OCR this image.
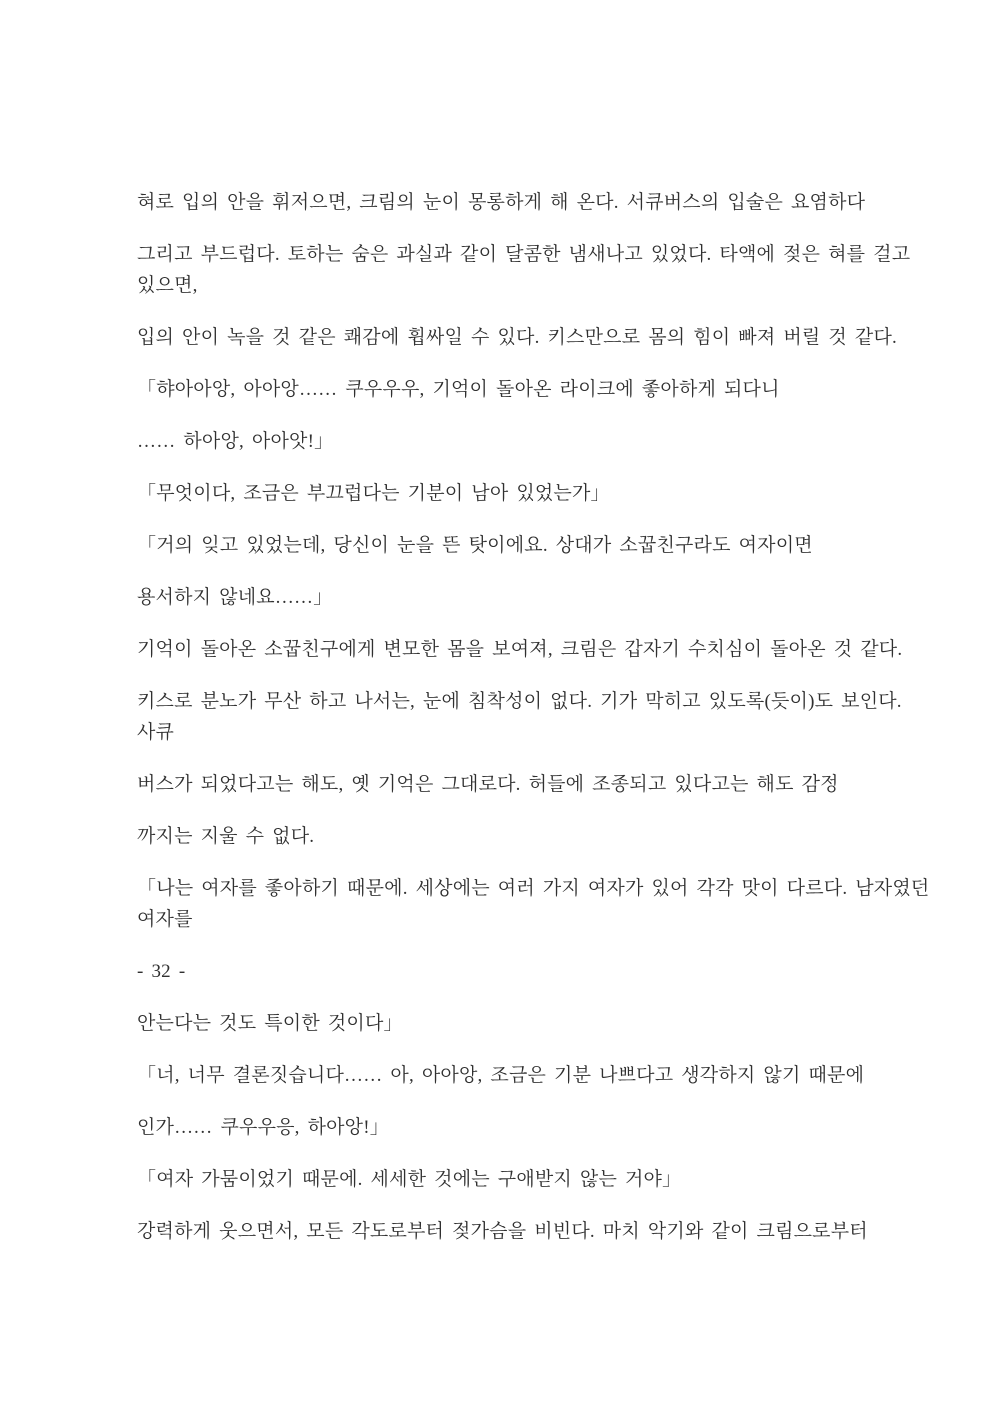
혀로 입의 안을 휘저으면, 크림의 눈이 몽롱하게 해 온다. 서큐버스의 입술은 요염하다

그리고 부드럽다. 토하는 숨은 과실과 같이 달콤한 냄새나고 있었다. 타액에 젖은 혀를 걸고
있으면,

입의 안이 녹을 것 같은 쾌감에 휩싸일 수 있다. 키스만으로 몸의 힘이 빠져 버릴 것 같다.

「햐아아앙, 아아앙…… 쿠우우우, 기억이 돌아온 라이크에 좋아하게 되다니

…… 하아앙, 아아앗!」

「무엇이다, 조금은 부끄럽다는 기분이 남아 있었는가」

「거의 잊고 있었는데, 당신이 눈을 뜬 탓이에요. 상대가 소꿉친구라도 여자이면

용서하지 않네요……」

기억이 돌아온 소꿉친구에게 변모한 몸을 보여져, 크림은 갑자기 수치심이 돌아온 것 같다.

키스로 분노가 무산 하고 나서는, 눈에 침착성이 없다. 기가 막히고 있도록(듯이)도 보인다.
사큐

버스가 되었다고는 해도, 옛 기억은 그대로다. 허들에 조종되고 있다고는 해도 감정

까지는 지울 수 없다.

「나는 여자를 좋아하기 때문에. 세상에는 여러 가지 여자가 있어 각각 맛이 다르다. 남자였던
여자를

- 32 -

안는다는 것도 특이한 것이다」

「너, 너무 결론짓습니다…… 아, 아아앙, 조금은 기분 나쁘다고 생각하지 않기 때문에

인가…… 쿠우우응, 하아앙!」

「여자 가뭄이었기 때문에. 세세한 것에는 구애받지 않는 거야」

강력하게 웃으면서, 모든 각도로부터 젖가슴을 비빈다. 마치 악기와 같이 크림으로부터
